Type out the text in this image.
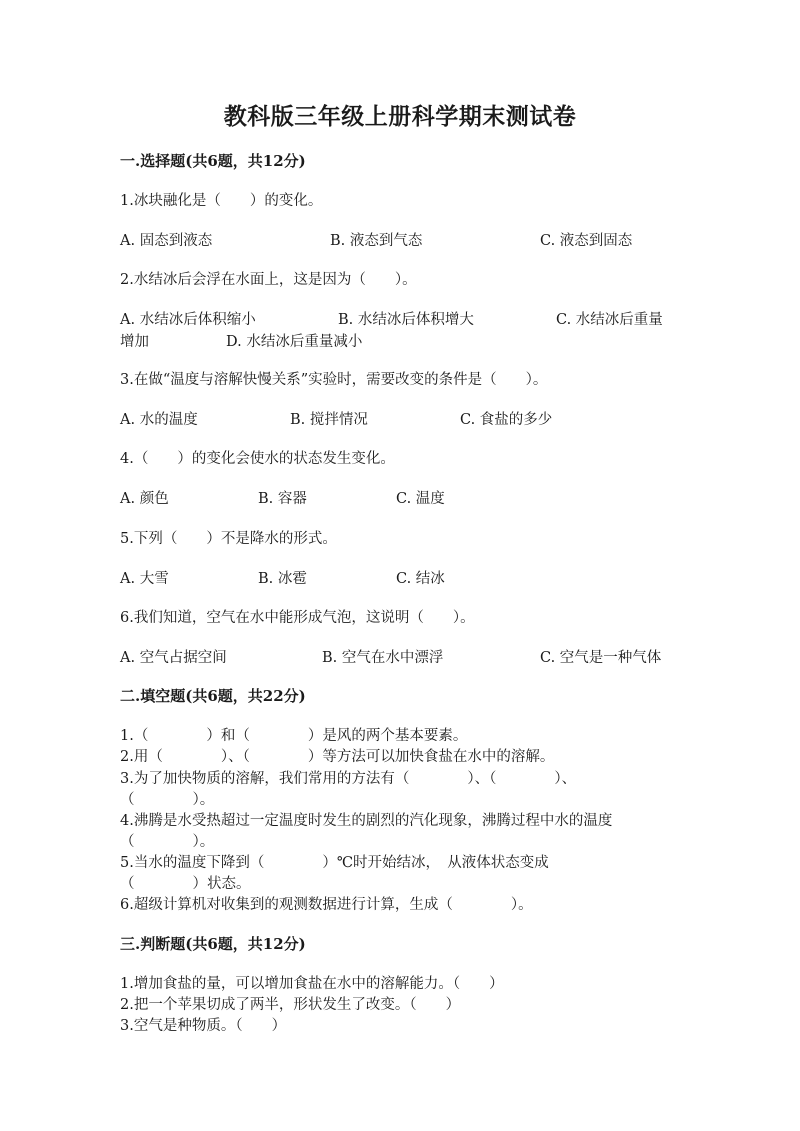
教科版三年级上册科学期末测试卷
一.选择题(共6题，共12分)
1.冰块融化是（　　）的变化。
A. 固态到液态	B. 液态到气态	C. 液态到固态
2.水结冰后会浮在水面上，这是因为（　　）。
A. 水结冰后体积缩小	B. 水结冰后体积增大	C. 水结冰后重量
增加	D. 水结冰后重量减小
3.在做“温度与溶解快慢关系”实验时，需要改变的条件是（　　）。
A. 水的温度	B. 搅拌情况	C. 食盐的多少
4.（　　）的变化会使水的状态发生变化。
A. 颜色	B. 容器	C. 温度
5.下列（　　）不是降水的形式。
A. 大雪	B. 冰雹	C. 结冰
6.我们知道，空气在水中能形成气泡，这说明（　　）。
A. 空气占据空间	B. 空气在水中漂浮	C. 空气是一种气体
二.填空题(共6题，共22分)
1.（　　　　）和（　　　　）是风的两个基本要素。
2.用（　　　　）、（　　　　）等方法可以加快食盐在水中的溶解。
3.为了加快物质的溶解，我们常用的方法有（　　　　）、（　　　　）、
（　　　　）。
4.沸腾是水受热超过一定温度时发生的剧烈的汽化现象，沸腾过程中水的温度
（　　　　）。
5.当水的温度下降到（　　　　）℃时开始结冰，　从液体状态变成
（　　　　）状态。
6.超级计算机对收集到的观测数据进行计算，生成（　　　　）。
三.判断题(共6题，共12分)
1.增加食盐的量，可以增加食盐在水中的溶解能力。（　　）
2.把一个苹果切成了两半，形状发生了改变。（　　）
3.空气是种物质。（　　）
